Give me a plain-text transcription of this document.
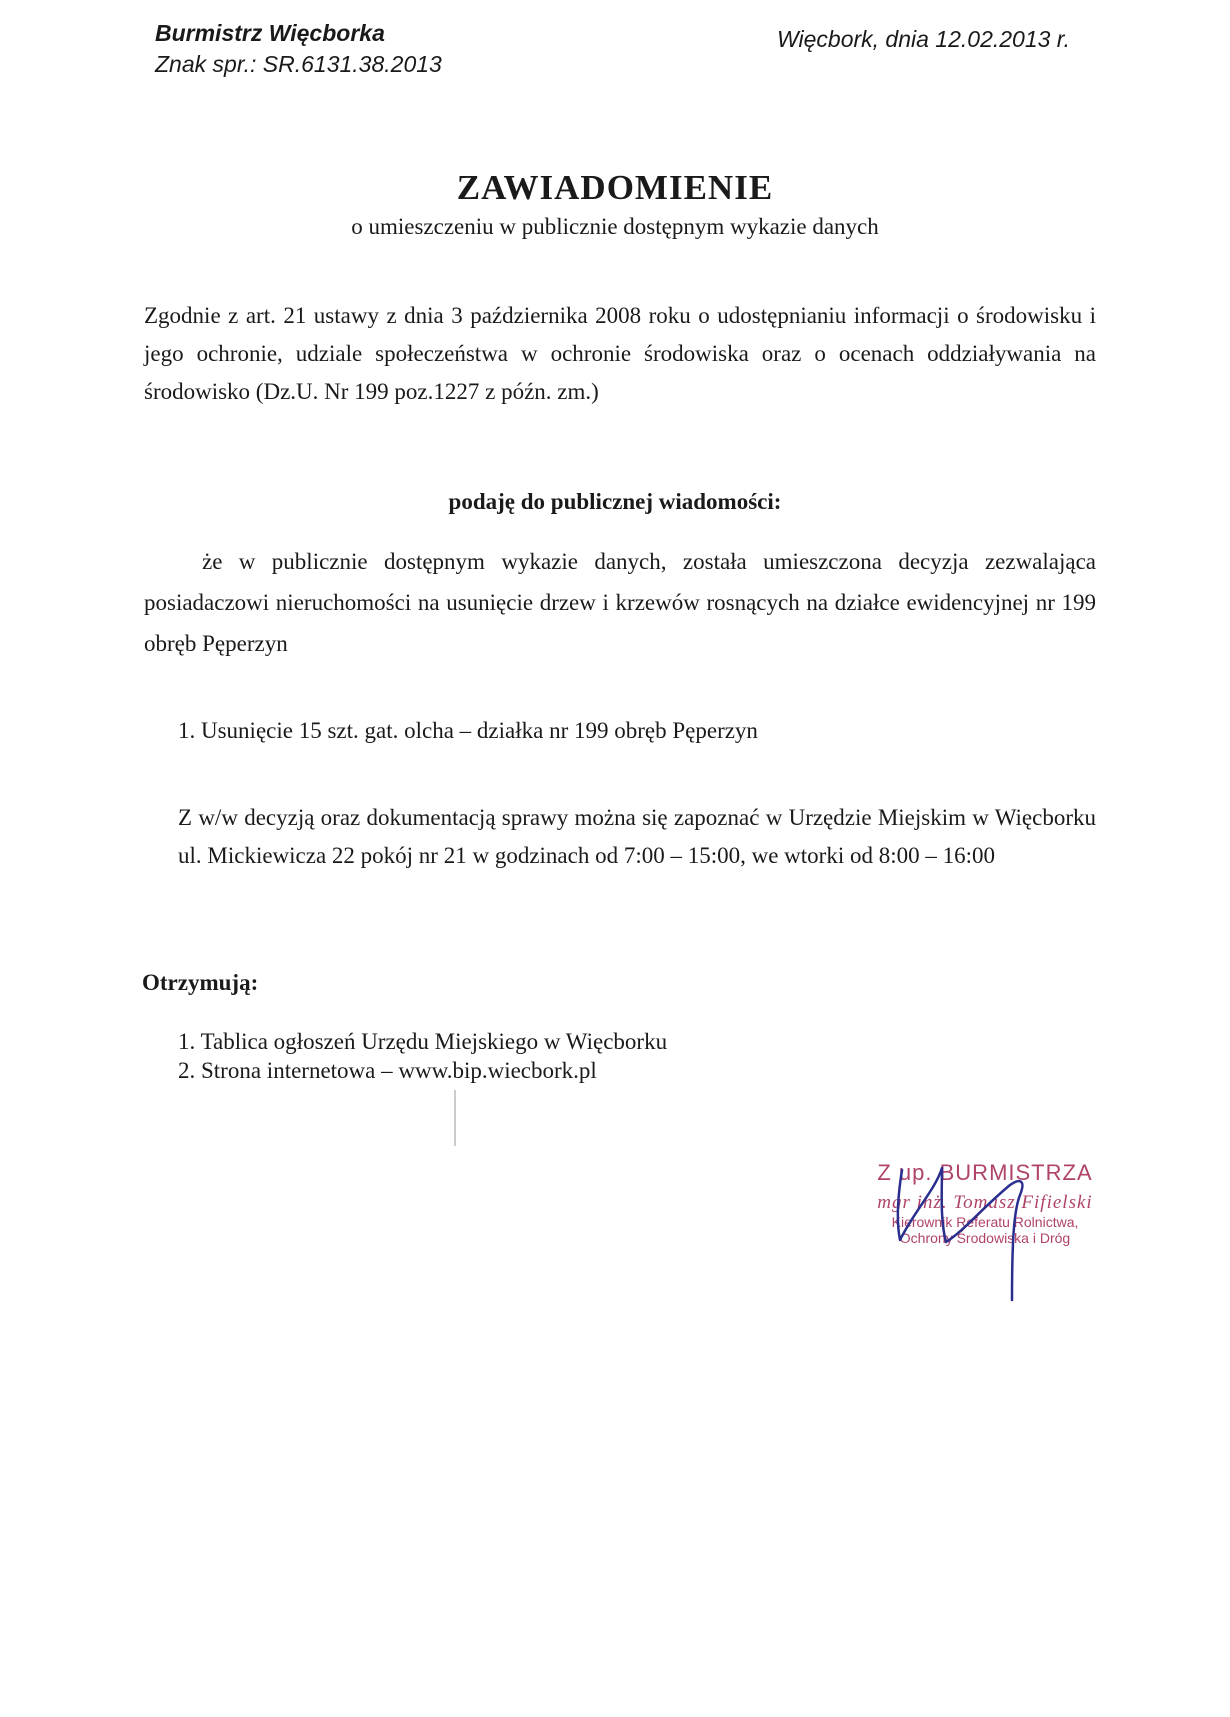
Burmistrz Więcborka
Znak spr.: SR.6131.38.2013
Więcbork, dnia 12.02.2013 r.
ZAWIADOMIENIE
o umieszczeniu w publicznie dostępnym wykazie danych
Zgodnie z art. 21 ustawy z dnia 3 października 2008 roku o udostępnianiu informacji o środowisku i jego ochronie, udziale społeczeństwa w ochronie środowiska oraz o ocenach oddziaływania na środowisko (Dz.U. Nr 199 poz.1227 z późn. zm.)
podaję do publicznej wiadomości:
że w publicznie dostępnym wykazie danych, została umieszczona decyzja zezwalająca posiadaczowi nieruchomości na usunięcie drzew i krzewów rosnących na działce ewidencyjnej nr 199 obręb Pęperzyn
1. Usunięcie 15 szt. gat. olcha – działka nr 199 obręb Pęperzyn
Z w/w decyzją oraz dokumentacją sprawy można się zapoznać w Urzędzie Miejskim w Więcborku ul. Mickiewicza 22 pokój nr 21 w godzinach od 7:00 – 15:00, we wtorki od 8:00 – 16:00
Otrzymują:
1. Tablica ogłoszeń Urzędu Miejskiego w Więcborku
2. Strona internetowa – www.bip.wiecbork.pl
Z up. BURMISTRZA
mgr inż. Tomasz Fifielski
Kierownik Referatu Rolnictwa,
Ochrony Środowiska i Dróg
